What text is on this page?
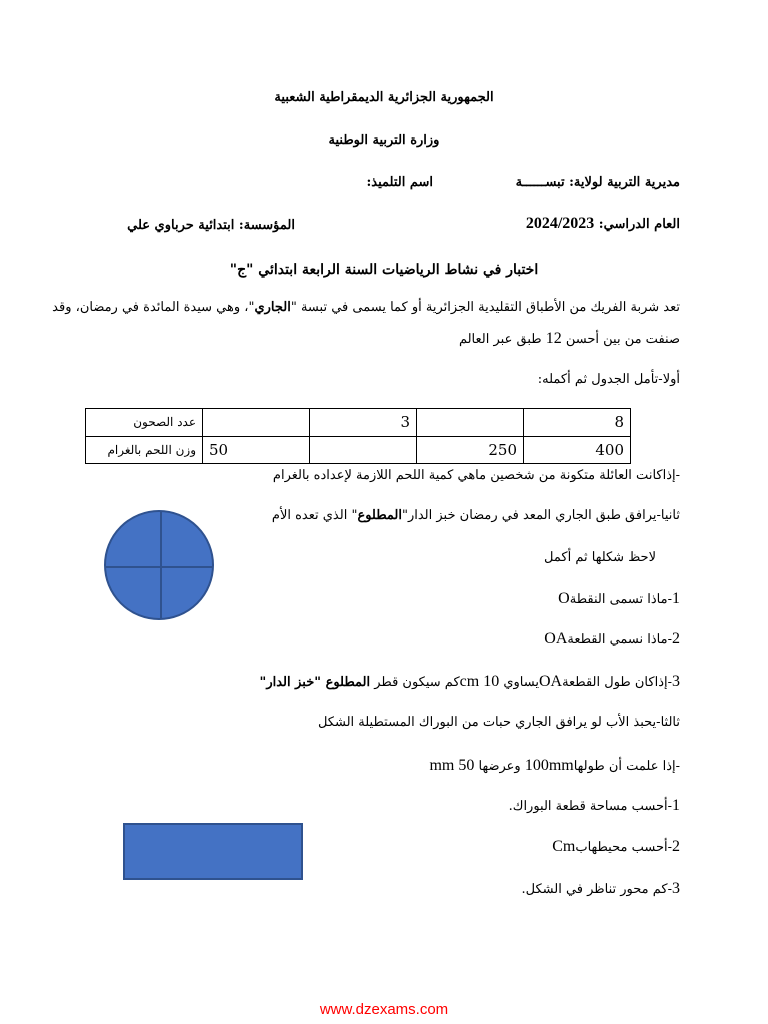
الجمهورية الجزائرية الديمقراطية الشعبية
وزارة التربية الوطنية
مديرية التربية لولاية: تبســــــة
اسم التلميذ:
العام الدراسي: 2024/2023
المؤسسة: ابتدائية حرباوي علي
اختبار في نشاط الرياضيات السنة الرابعة ابتدائي "ج"
تعد شربة الفريك من الأطباق التقليدية الجزائرية أو كما يسمى في تبسة "الجاري"، وهي سيدة المائدة في رمضان، وقد
صنفت من بين أحسن 12 طبق عبر العالم
أولا-تأمل الجدول ثم أكمله:
عدد الصحون		3		8
وزن اللحم بالغرام	50		250	400
-إذاكانت العائلة متكونة من شخصين ماهي كمية اللحم اللازمة لإعداده بالغرام
ثانيا-يرافق طبق الجاري المعد في رمضان خبز الدار"المطلوع" الذي تعده الأم
لاحظ شكلها ثم أكمل
1-ماذا تسمى النقطةO
2-ماذا نسمي القطعةOA
3-إذاكان طول القطعةOAيساوي cm 10كم سيكون قطر المطلوع "خبز الدار"
ثالثا-يحبذ الأب لو يرافق الجاري حبات من البوراك المستطيلة الشكل
-إذا علمت أن طولها100mm وعرضها 50 mm
1-أحسب مساحة قطعة البوراك.
2-أحسب محيطهابCm
3-كم محور تناظر في الشكل.
www.dzexams.com
